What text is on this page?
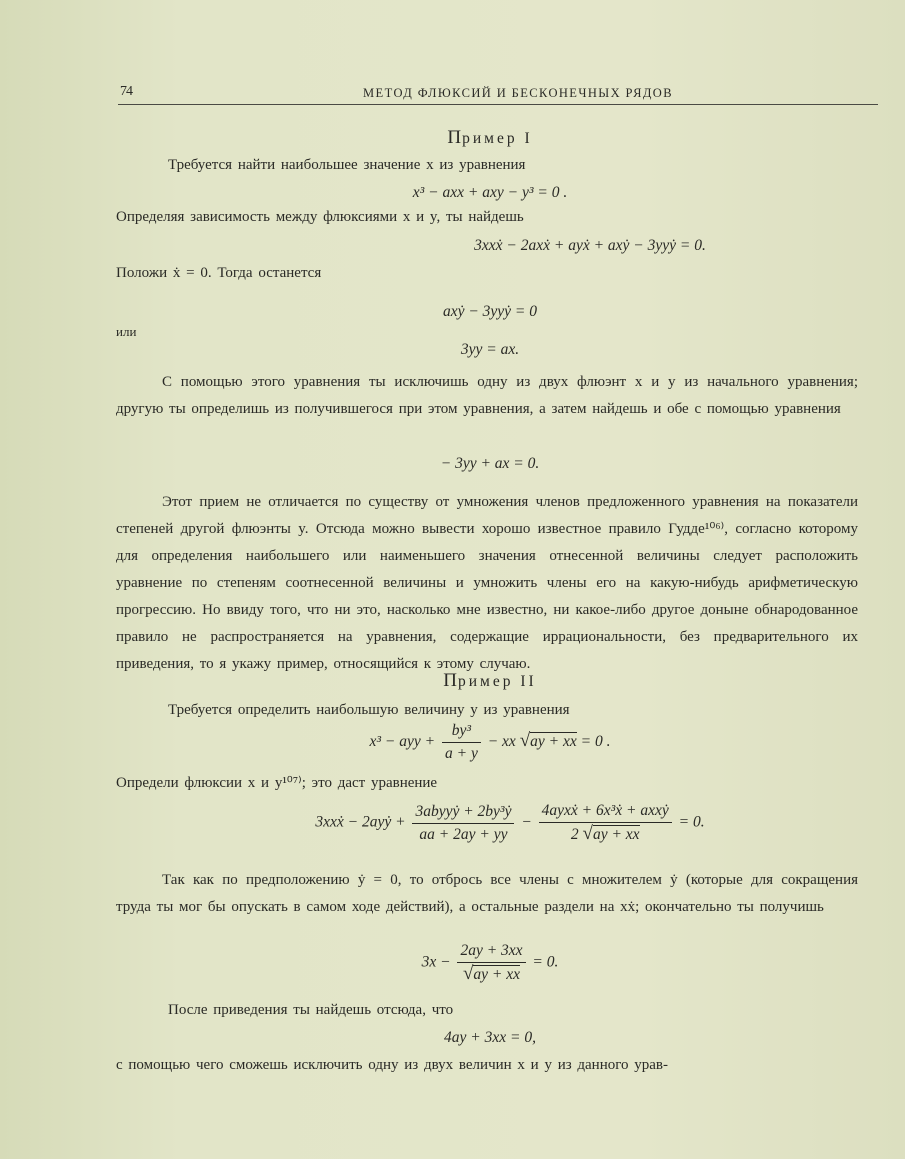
74	МЕТОД ФЛЮКСИЙ И БЕСКОНЕЧНЫХ РЯДОВ
Пример I

Требуется найти наибольшее значение x из уравнения

x³ − axx + axy − y³ = 0 .

Определяя зависимость между флюксиями x и y, ты найдешь

3xxẋ − 2axẋ + ayẋ + axẏ − 3yyẏ = 0.

Положи ẋ = 0. Тогда останется

axẏ − 3yyẏ = 0

или

3yy = ax.

С помощью этого уравнения ты исключишь одну из двух флюэнт x и y из начального уравнения; другую ты определишь из получившегося при этом уравнения, а затем найдешь и обе с помощью уравнения

− 3yy + ax = 0.

Этот прием не отличается по существу от умножения членов предложенного уравнения на показатели степеней другой флюэнты y. Отсюда можно вывести хорошо известное правило Гудде¹⁰⁶⁾, согласно которому для определения наибольшего или наименьшего значения отнесенной величины следует расположить уравнение по степеням соотнесенной величины и умножить члены его на какую-нибудь арифметическую прогрессию. Но ввиду того, что ни это, насколько мне известно, ни какое-либо другое доныне обнародованное правило не распространяется на уравнения, содержащие иррациональности, без предварительного их приведения, то я укажу пример, относящийся к этому случаю.

Пример II

Требуется определить наибольшую величину y из уравнения

x³ − ayy + $\frac{\text{by³}}{a + y}$ − xx √ay + xx = 0 .

Определи флюксии x и y¹⁰⁷⁾; это даст уравнение

3xxẋ − 2ayẏ + $\frac{\text{3abyyẏ + 2by³ẏ}}{aa + 2ay + yy} - \frac{\text{4ayxẋ + 6x³ẋ + axxẏ}}{2 √ay + xx} = 0$.

Так как по предположению ẏ = 0, то отбрось все члены с множителем ẏ (которые для сокращения труда ты мог бы опускать в самом ходе действий), а остальные раздели на xẋ; окончательно ты получишь

$3x - \frac{2ay + 3xx}{√ay + xx} = 0$.

После приведения ты найдешь отсюда, что

4ay + 3xx = 0,

с помощью чего сможешь исключить одну из двух величин x и y из данного урав-
